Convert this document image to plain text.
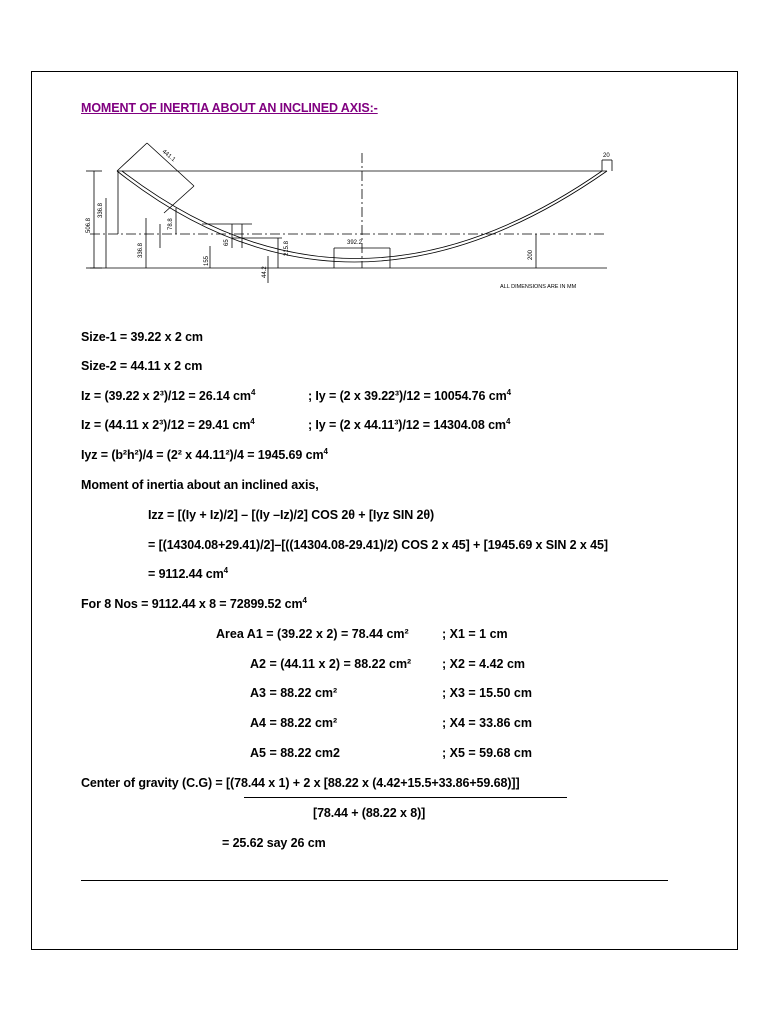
MOMENT OF INERTIA ABOUT AN INCLINED AXIS:-
441.1	20
506.8
336.8
336.8
78.8
65
155
44.2
215.8	392.2
200
ALL DIMENSIONS ARE IN MM
Size-1 = 39.22 x 2 cm
Size-2 = 44.11 x 2 cm
Iz = (39.22 x 2³)/12 = 26.14 $cm^4$	; Iy = (2 x 39.22³)/12 = 10054.76 $cm^4$
Iz = (44.11 x 2³)/12 = 29.41 $cm^4$	; Iy = (2 x 44.11³)/12 = 14304.08 $cm^4$
Iyz = (b²h²)/4 = (2² x 44.11²)/4 = 1945.69 $cm^4$
Moment of inertia about an inclined axis,
Izz = [(Iy + Iz)/2] – [(Iy –Iz)/2] COS 2θ + [Iyz SIN 2θ)
= [(14304.08+29.41)/2]–[((14304.08-29.41)/2) COS 2 x 45] + [1945.69 x SIN 2 x 45]
= 9112.44 $cm^4$
For 8 Nos = 9112.44 x 8 = 72899.52 $cm^4$
Area A1 = (39.22 x 2) = 78.44 cm²	; X1 = 1 cm
A2 = (44.11 x 2) = 88.22 cm² ; X2 = 4.42 cm
A3 = 88.22 cm²	; X3 = 15.50 cm
A4 = 88.22 cm²	; X4 = 33.86 cm
A5 = 88.22 cm2	; X5 = 59.68 cm
Center of gravity (C.G) = [(78.44 x 1) + 2 x [88.22 x (4.42+15.5+33.86+59.68)]]
[78.44 + (88.22 x 8)]
= 25.62 say 26 cm
